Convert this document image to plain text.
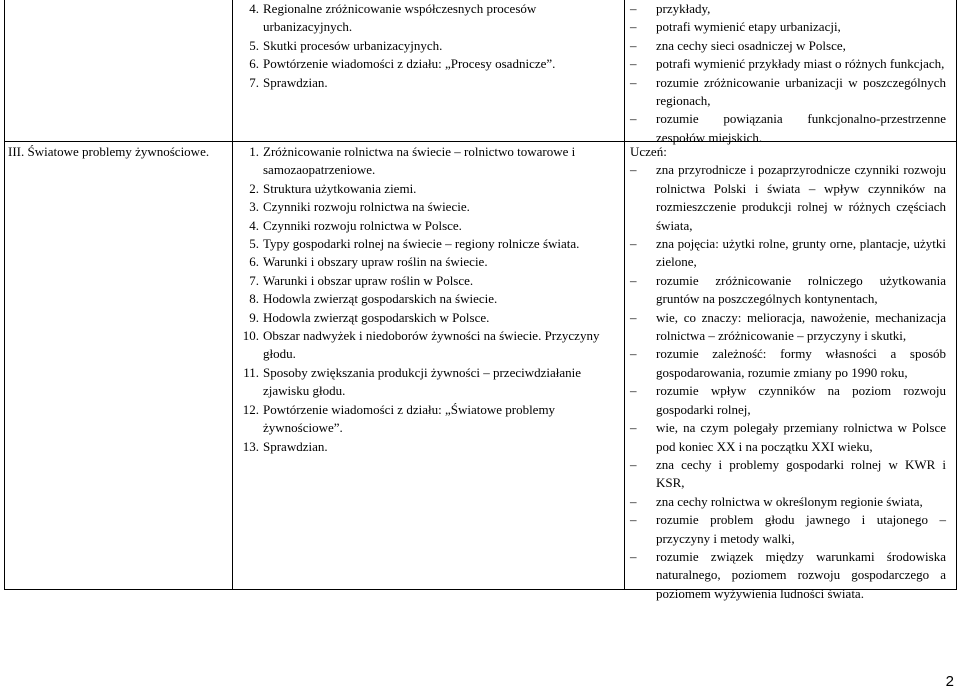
4. Regionalne zróżnicowanie współczesnych procesów urbanizacyjnych.
5. Skutki procesów urbanizacyjnych.
6. Powtórzenie wiadomości z działu: „Procesy osadnicze”.
7. Sprawdzian.
– przykłady,
– potrafi wymienić etapy urbanizacji,
– zna cechy sieci osadniczej w Polsce,
– potrafi wymienić przykłady miast o różnych funkcjach,
– rozumie zróżnicowanie urbanizacji w poszczególnych regionach,
– rozumie powiązania funkcjonalno-przestrzenne zespołów miejskich.
III. Światowe problemy żywnościowe.	1. Zróżnicowanie rolnictwa na świecie – rolnictwo towarowe i samozaopatrzeniowe.
2. Struktura użytkowania ziemi.
3. Czynniki rozwoju rolnictwa na świecie.
4. Czynniki rozwoju rolnictwa w Polsce.
5. Typy gospodarki rolnej na świecie – regiony rolnicze świata.
6. Warunki i obszary upraw roślin na świecie.
7. Warunki i obszar upraw roślin w Polsce.
8. Hodowla zwierząt gospodarskich na świecie.
9. Hodowla zwierząt gospodarskich w Polsce.
10. Obszar nadwyżek i niedoborów żywności na świecie. Przyczyny głodu.
11. Sposoby zwiększania produkcji żywności – przeciwdziałanie zjawisku głodu.
12. Powtórzenie wiadomości z działu: „Światowe problemy żywnościowe”.
13. Sprawdzian.
Uczeń:
– zna przyrodnicze i pozaprzyrodnicze czynniki rozwoju rolnictwa Polski i świata – wpływ czynników na rozmieszczenie produkcji rolnej w różnych częściach świata,
– zna pojęcia: użytki rolne, grunty orne, plantacje, użytki zielone,
– rozumie zróżnicowanie rolniczego użytkowania gruntów na poszczególnych kontynentach,
– wie, co znaczy: melioracja, nawożenie, mechanizacja rolnictwa – zróżnicowanie – przyczyny i skutki,
– rozumie zależność: formy własności a sposób gospodarowania, rozumie zmiany po 1990 roku,
– rozumie wpływ czynników na poziom rozwoju gospodarki rolnej,
– wie, na czym polegały przemiany rolnictwa w Polsce pod koniec XX i na początku XXI wieku,
– zna cechy i problemy gospodarki rolnej w KWR i KSR,
– zna cechy rolnictwa w określonym regionie świata,
– rozumie problem głodu jawnego i utajonego – przyczyny i metody walki,
– rozumie związek między warunkami środowiska naturalnego, poziomem rozwoju gospodarczego a poziomem wyżywienia ludności świata.
2
